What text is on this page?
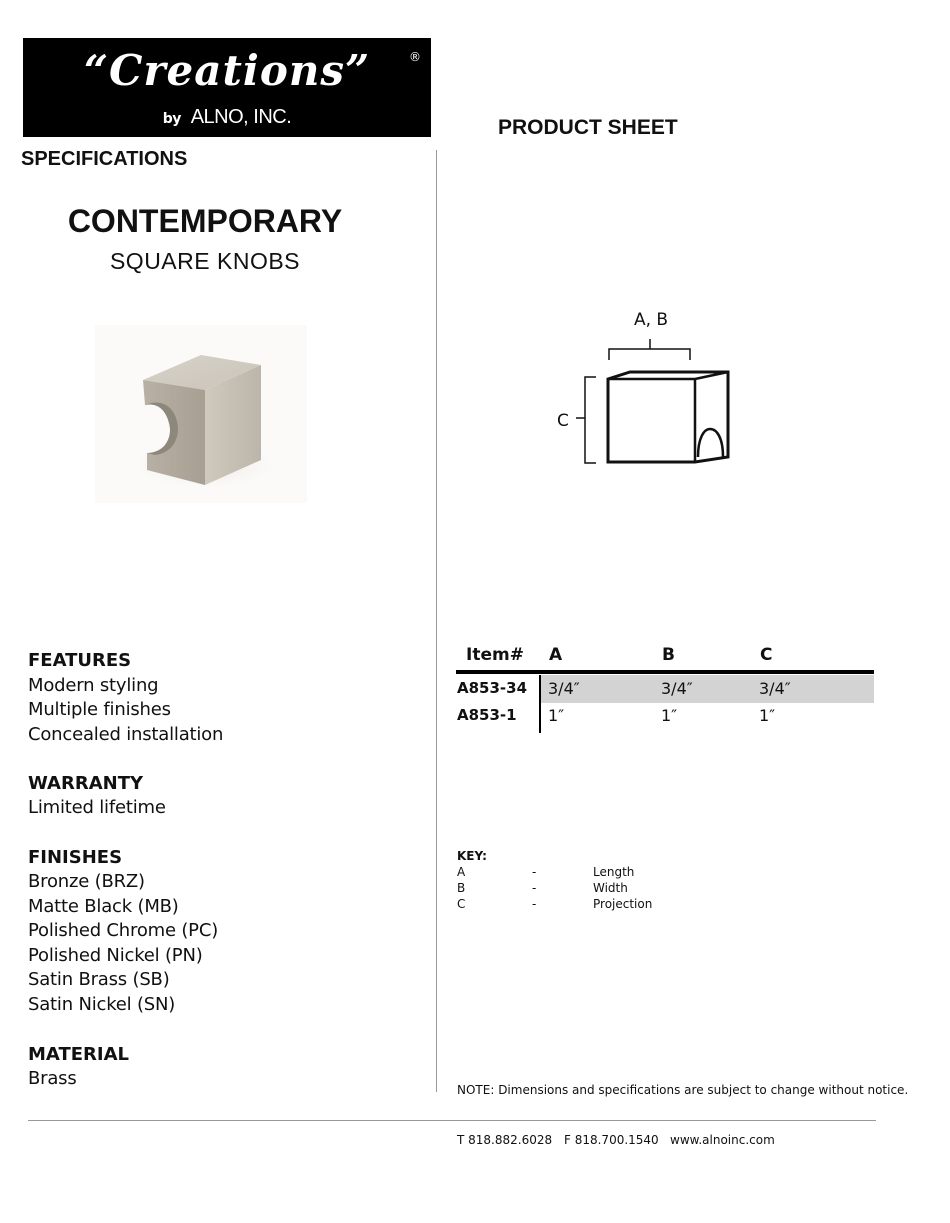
“Creations”	®
by ALNO, INC.	PRODUCT SHEET
SPECIFICATIONS
CONTEMPORARY
SQUARE KNOBS
FEATURES
Modern styling
Multiple finishes
Concealed installation
WARRANTY
Limited lifetime
FINISHES
Bronze (BRZ)
Matte Black (MB)
Polished Chrome (PC)
Polished Nickel (PN)
Satin Brass (SB)
Satin Nickel (SN)
MATERIAL
Brass
A, B
C
Item# A	B	C
A853-34 3/4″	3/4″	3/4″
A853-1 1″	1″	1″
KEY:
A	-	Length
B	-	Width
C	-	Projection
NOTE: Dimensions and specifications are subject to change without notice.
T 818.882.6028 F 818.700.1540 www.alnoinc.com
